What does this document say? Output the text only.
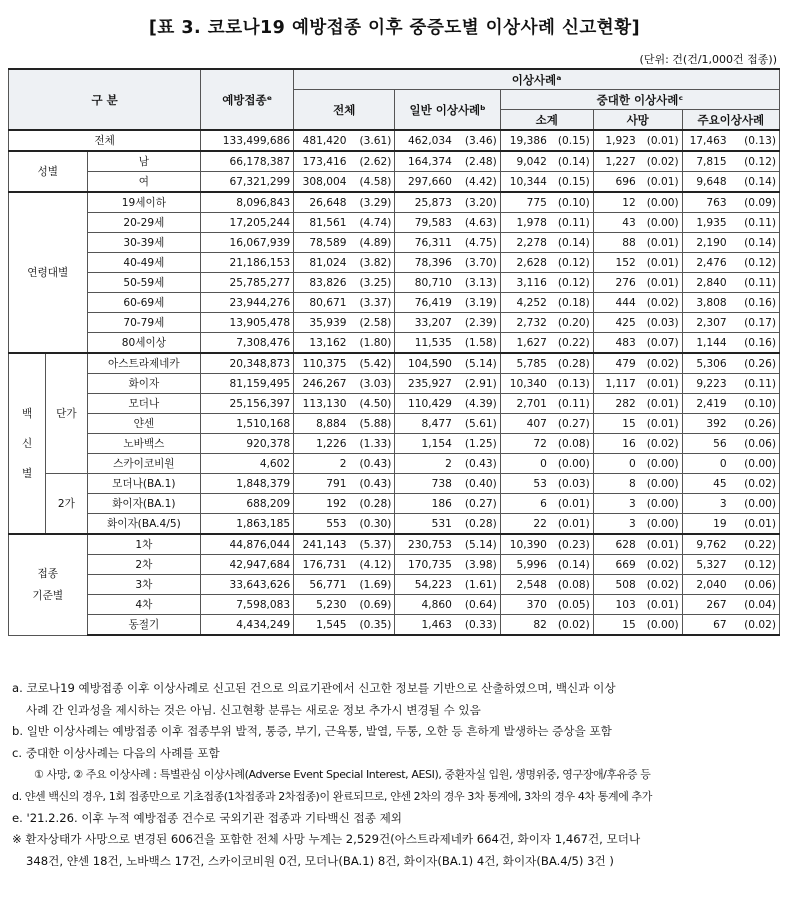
[표 3. 코로나19 예방접종 이후 중증도별 이상사례 신고현황]
(단위: 건(건/1,000건 접종))
구 분			예방접종ᵉ	이상사례ᵃ									
				전체		일반 이상사례ᵇ		중대한 이상사례ᶜ					
								소계		사망		주요이상사례	
전체			133,499,686	481,420	(3.61)	462,034	(3.46)	19,386	(0.15)	1,923	(0.01)	17,463	(0.13)
성별		남	66,178,387	173,416	(2.62)	164,374	(2.48)	9,042	(0.14)	1,227	(0.02)	7,815	(0.12)
		여	67,321,299	308,004	(4.58)	297,660	(4.42)	10,344	(0.15)	696	(0.01)	9,648	(0.14)
연령대별		19세이하	8,096,843	26,648	(3.29)	25,873	(3.20)	775	(0.10)	12	(0.00)	763	(0.09)
		20-29세	17,205,244	81,561	(4.74)	79,583	(4.63)	1,978	(0.11)	43	(0.00)	1,935	(0.11)
		30-39세	16,067,939	78,589	(4.89)	76,311	(4.75)	2,278	(0.14)	88	(0.01)	2,190	(0.14)
		40-49세	21,186,153	81,024	(3.82)	78,396	(3.70)	2,628	(0.12)	152	(0.01)	2,476	(0.12)
		50-59세	25,785,277	83,826	(3.25)	80,710	(3.13)	3,116	(0.12)	276	(0.01)	2,840	(0.11)
		60-69세	23,944,276	80,671	(3.37)	76,419	(3.19)	4,252	(0.18)	444	(0.02)	3,808	(0.16)
		70-79세	13,905,478	35,939	(2.58)	33,207	(2.39)	2,732	(0.20)	425	(0.03)	2,307	(0.17)
		80세이상	7,308,476	13,162	(1.80)	11,535	(1.58)	1,627	(0.22)	483	(0.07)	1,144	(0.16)

백
신
별	단가	아스트라제네카	20,348,873	110,375	(5.42)	104,590	(5.14)	5,785	(0.28)	479	(0.02)	5,306	(0.26)
		화이자	81,159,495	246,267	(3.03)	235,927	(2.91)	10,340	(0.13)	1,117	(0.01)	9,223	(0.11)
		모더나	25,156,397	113,130	(4.50)	110,429	(4.39)	2,701	(0.11)	282	(0.01)	2,419	(0.10)
		얀센	1,510,168	8,884	(5.88)	8,477	(5.61)	407	(0.27)	15	(0.01)	392	(0.26)
		노바백스	920,378	1,226	(1.33)	1,154	(1.25)	72	(0.08)	16	(0.02)	56	(0.06)
		스카이코비원	4,602	2	(0.43)	2	(0.43)	0	(0.00)	0	(0.00)	0	(0.00)
	2가	모더나(BA.1)	1,848,379	791	(0.43)	738	(0.40)	53	(0.03)	8	(0.00)	45	(0.02)
		화이자(BA.1)	688,209	192	(0.28)	186	(0.27)	6	(0.01)	3	(0.00)	3	(0.00)
		화이자(BA.4/5)	1,863,185	553	(0.30)	531	(0.28)	22	(0.01)	3	(0.00)	19	(0.01)

접종
기준별		1차	44,876,044	241,143	(5.37)	230,753	(5.14)	10,390	(0.23)	628	(0.01)	9,762	(0.22)
		2차	42,947,684	176,731	(4.12)	170,735	(3.98)	5,996	(0.14)	669	(0.02)	5,327	(0.12)
		3차	33,643,626	56,771	(1.69)	54,223	(1.61)	2,548	(0.08)	508	(0.02)	2,040	(0.06)
		4차	7,598,083	5,230	(0.69)	4,860	(0.64)	370	(0.05)	103	(0.01)	267	(0.04)
		동절기	4,434,249	1,545	(0.35)	1,463	(0.33)	82	(0.02)	15	(0.00)	67	(0.02)
a. 코로나19 예방접종 이후 이상사례로 신고된 건으로 의료기관에서 신고한 정보를 기반으로 산출하였으며, 백신과 이상
사례 간 인과성을 제시하는 것은 아님. 신고현황 분류는 새로운 정보 추가시 변경될 수 있음
b. 일반 이상사례는 예방접종 이후 접종부위 발적, 통증, 부기, 근육통, 발열, 두통, 오한 등 흔하게 발생하는 증상을 포함
c. 중대한 이상사례는 다음의 사례를 포함
① 사망, ② 주요 이상사례 : 특별관심 이상사례(Adverse Event Special Interest, AESI), 중환자실 입원, 생명위중, 영구장애/후유증 등
d. 얀센 백신의 경우, 1회 접종만으로 기초접종(1차접종과 2차접종)이 완료되므로, 얀센 2차의 경우 3차 통계에, 3차의 경우 4차 통계에 추가
e. '21.2.26. 이후 누적 예방접종 건수로 국외기관 접종과 기타백신 접종 제외
※ 환자상태가 사망으로 변경된 606건을 포함한 전체 사망 누계는 2,529건(아스트라제네카 664건, 화이자 1,467건, 모더나
348건, 얀센 18건, 노바백스 17건, 스카이코비원 0건, 모더나(BA.1) 8건, 화이자(BA.1) 4건, 화이자(BA.4/5) 3건 )
